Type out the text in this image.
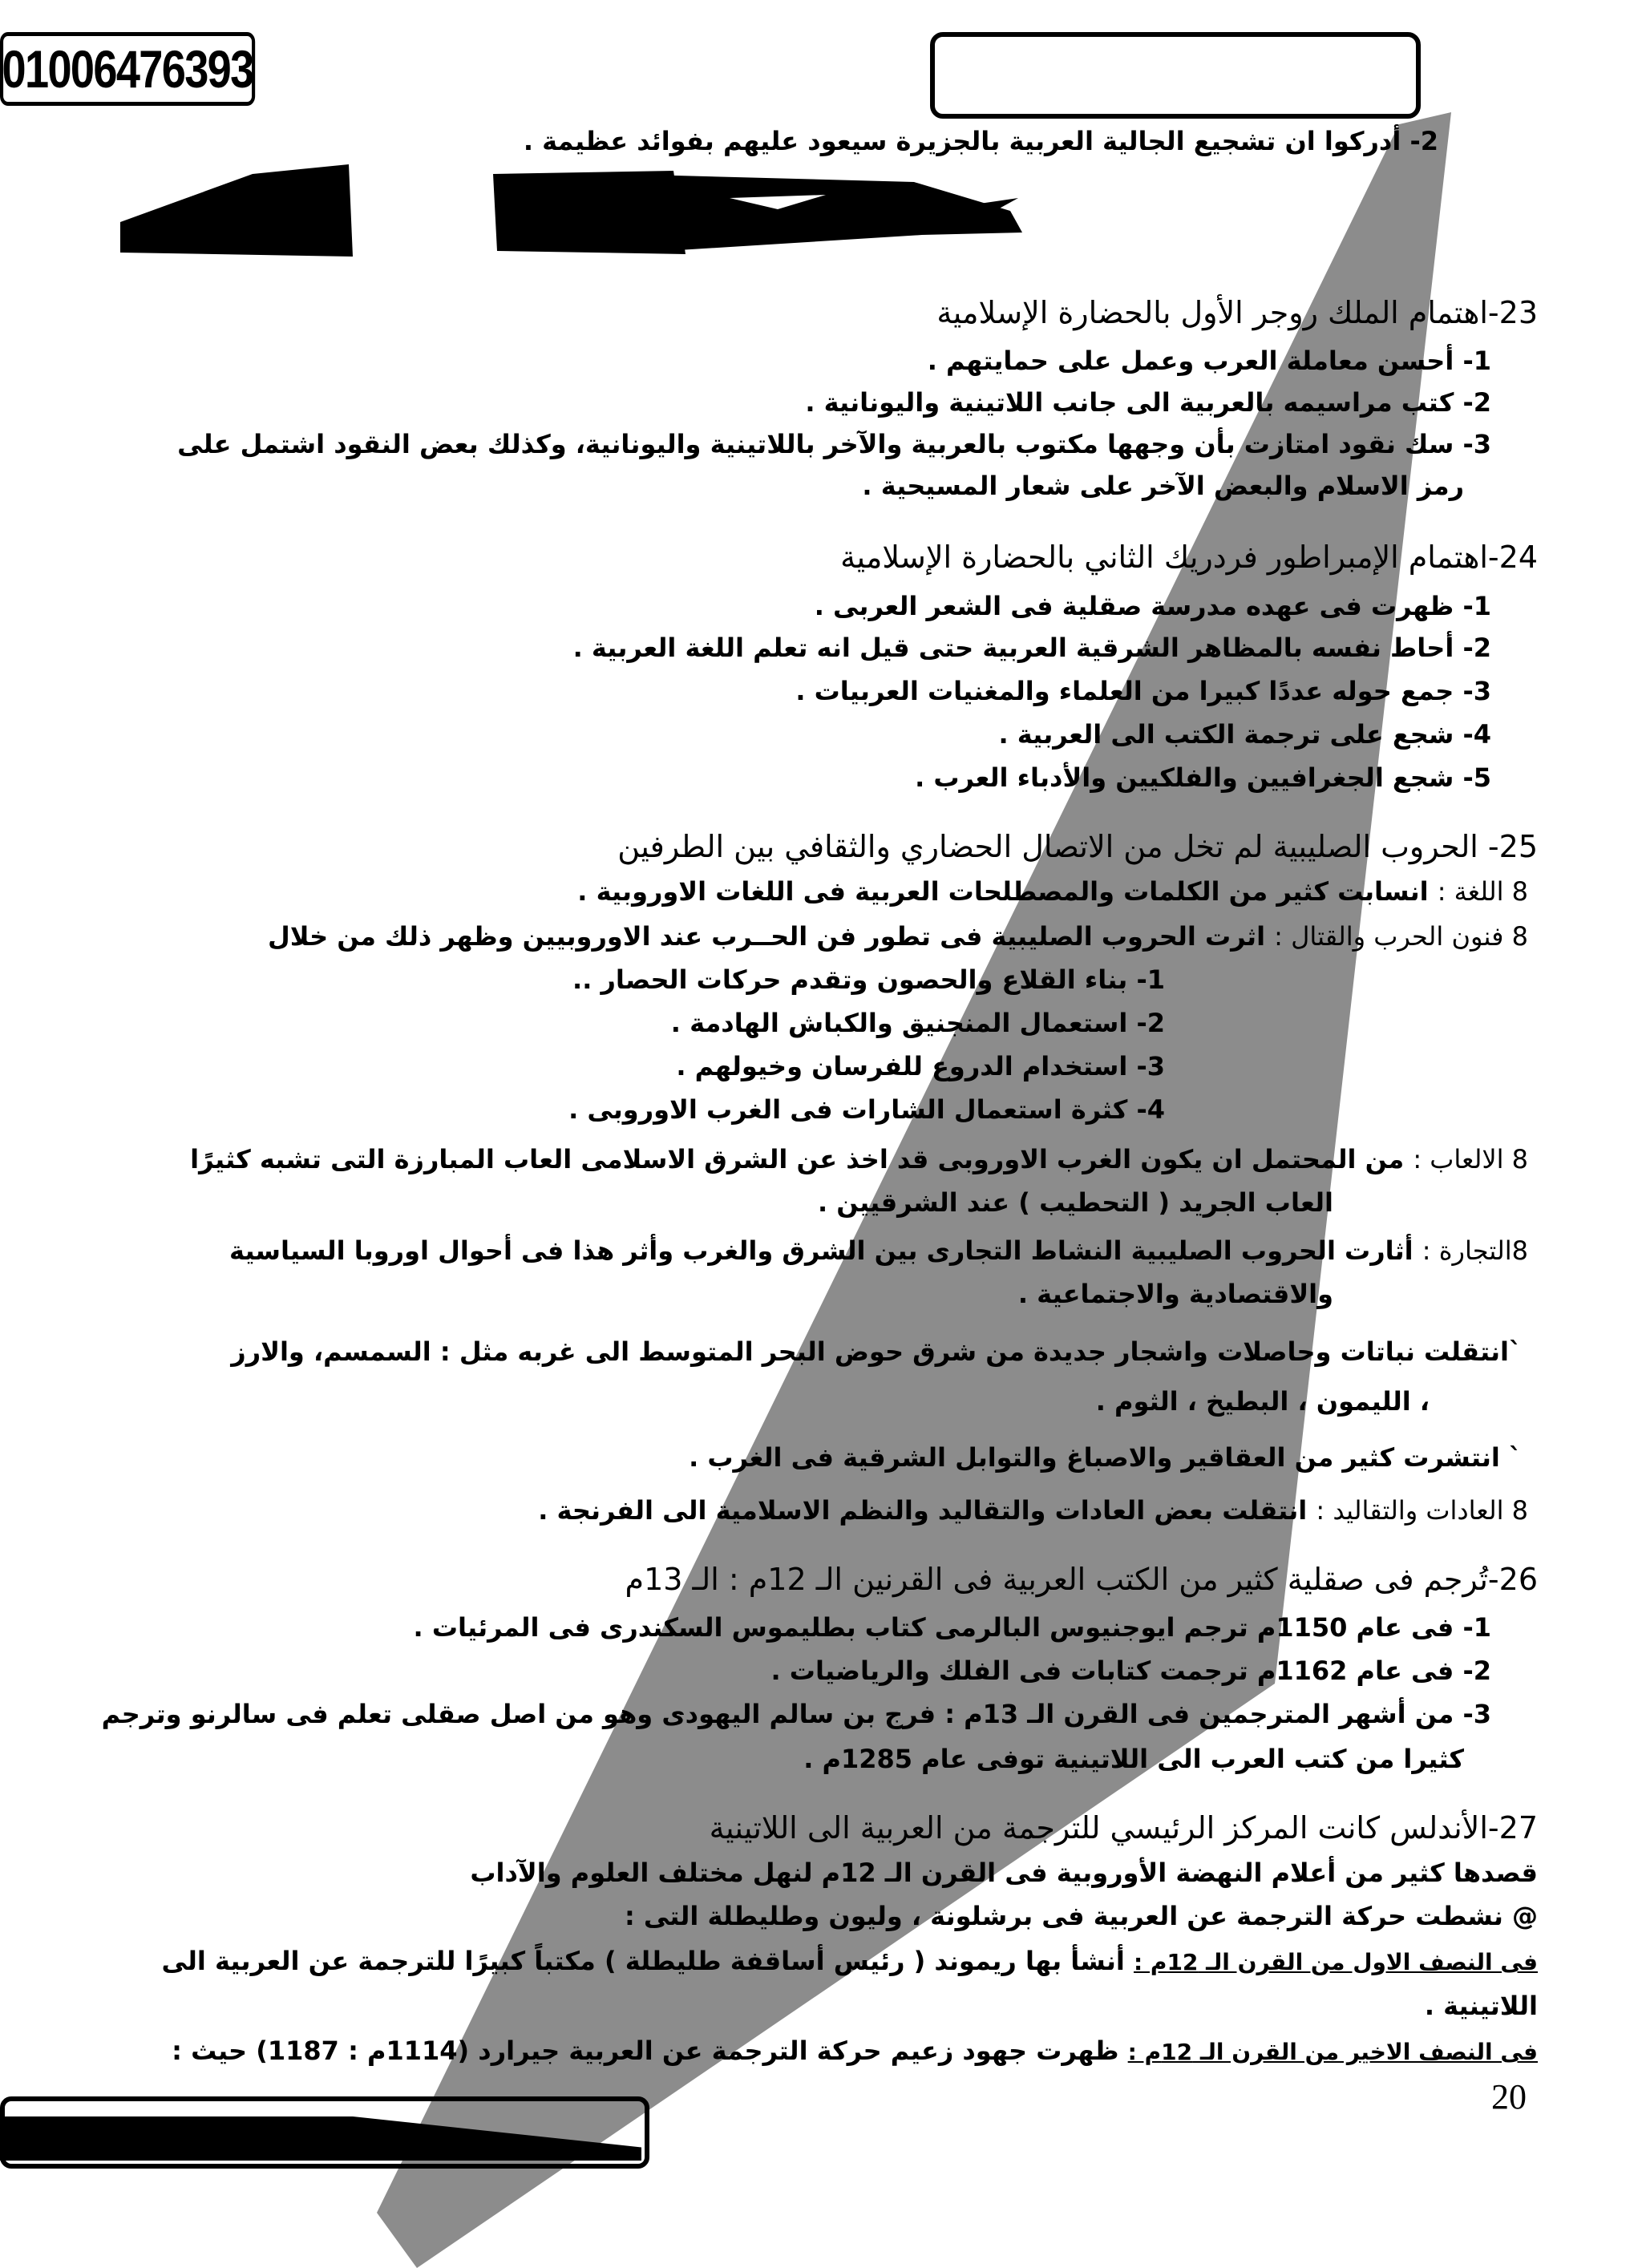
01006476393
2- أدركوا ان تشجيع الجالية العربية بالجزيرة سيعود عليهم بفوائد عظيمة .
23-اهتمام الملك روجر الأول بالحضارة الإسلامية
1- أحسن معاملة العرب وعمل على حمايتهم .
2- كتب مراسيمه بالعربية الى جانب اللاتينية واليونانية .
3- سك نقود امتازت بأن وجهها مكتوب بالعربية والآخر باللاتينية واليونانية، وكذلك بعض النقود اشتمل على
رمز الاسلام والبعض الآخر على شعار المسيحية .
24-اهتمام الإمبراطور فردريك الثاني بالحضارة الإسلامية
1- ظهرت فى عهده مدرسة صقلية فى الشعر العربى .
2- أحاط نفسه بالمظاهر الشرقية العربية حتى قيل انه تعلم اللغة العربية .
3- جمع حوله عددًا كبيرا من العلماء والمغنيات العربيات .
4- شجع على ترجمة الكتب الى العربية .
5- شجع الجغرافيين والفلكيين والأدباء العرب .
25- الحروب الصليبية لم تخل من الاتصال الحضاري والثقافي بين الطرفين
8 اللغة : انسابت كثير من الكلمات والمصطلحات العربية فى اللغات الاوروبية .
8 فنون الحرب والقتال : اثرت الحروب الصليبية فى تطور فن الحــرب عند الاوروبيين وظهر ذلك من خلال
1- بناء القلاع والحصون وتقدم حركات الحصار ..
2- استعمال المنجنيق والكباش الهادمة .
3- استخدام الدروع للفرسان وخيولهم .
4- كثرة استعمال الشارات فى الغرب الاوروبى .
8 الالعاب : من المحتمل ان يكون الغرب الاوروبى قد اخذ عن الشرق الاسلامى العاب المبارزة التى تشبه كثيرًا
العاب الجريد ( التحطيب ) عند الشرقيين .
8التجارة : أثارت الحروب الصليبية النشاط التجارى بين الشرق والغرب وأثر هذا فى أحوال اوروبا السياسية
والاقتصادية والاجتماعية .
`انتقلت نباتات وحاصلات واشجار جديدة من شرق حوض البحر المتوسط الى غربه مثل : السمسم، والارز
، الليمون ، البطيخ ، الثوم .
` انتشرت كثير من العقاقير والاصباغ والتوابل الشرقية فى الغرب .
8 العادات والتقاليد : انتقلت بعض العادات والتقاليد والنظم الاسلامية الى الفرنجة .
26-تُرجم فى صقلية كثير من الكتب العربية فى القرنين الـ 12م : الـ 13م
1- فى عام 1150م ترجم ايوجنيوس البالرمى كتاب بطليموس السكندرى فى المرئيات .
2- فى عام 1162م ترجمت كتابات فى الفلك والرياضيات .
3- من أشهر المترجمين فى القرن الـ 13م : فرج بن سالم اليهودى وهو من اصل صقلى تعلم فى سالرنو وترجم
كثيرا من كتب العرب الى اللاتينية توفى عام 1285م .
27-الأندلس كانت المركز الرئيسي للترجمة من العربية الى اللاتينية
قصدها كثير من أعلام النهضة الأوروبية فى القرن الـ 12م لنهل مختلف العلوم والآداب
@ نشطت حركة الترجمة عن العربية فى برشلونة ، وليون وطليطلة التى :
فى النصف الاول من القرن الـ 12م : أنشأ بها ريموند ( رئيس أساقفة طليطلة ) مكتباً كبيرًا للترجمة عن العربية الى
اللاتينية .
فى النصف الاخير من القرن الـ 12م : ظهرت جهود زعيم حركة الترجمة عن العربية جيرارد (1114م : 1187) حيث :
20
